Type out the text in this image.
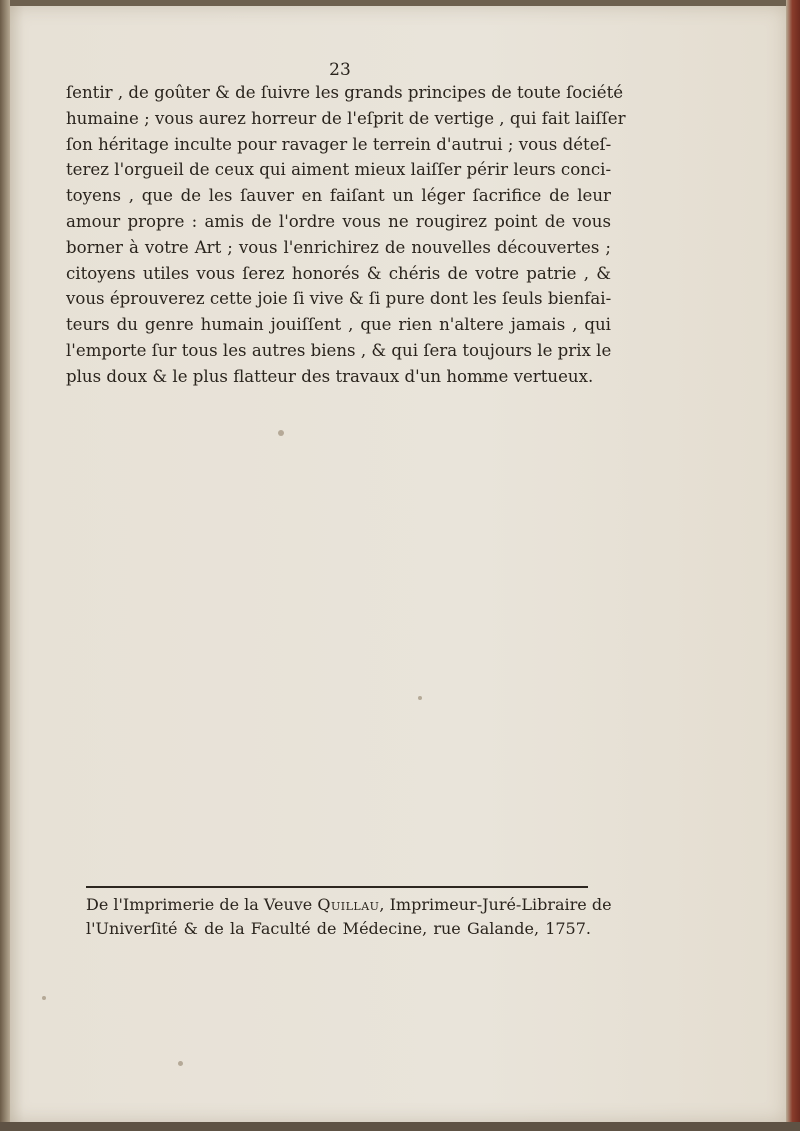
23
ſentir , de goûter & de ſuivre les grands principes de toute ſociété
humaine ; vous aurez horreur de l'eſprit de vertige , qui fait laiſſer
ſon héritage inculte pour ravager le terrein d'autrui ; vous déteſ-
terez l'orgueil de ceux qui aiment mieux laiſſer périr leurs conci-
toyens , que de les ſauver en faiſant un léger ſacrifice de leur
amour propre : amis de l'ordre vous ne rougirez point de vous
borner à votre Art ; vous l'enrichirez de nouvelles découvertes ;
citoyens utiles vous ſerez honorés & chéris de votre patrie , &
vous éprouverez cette joie ſi vive & ſi pure dont les ſeuls bienfai-
teurs du genre humain jouiſſent , que rien n'altere jamais , qui
l'emporte ſur tous les autres biens , & qui ſera toujours le prix le
plus doux & le plus flatteur des travaux d'un homme vertueux.
De l'Imprimerie de la Veuve Quillau, Imprimeur-Juré-Libraire de
l'Univerſité & de la Faculté de Médecine, rue Galande, 1757.
